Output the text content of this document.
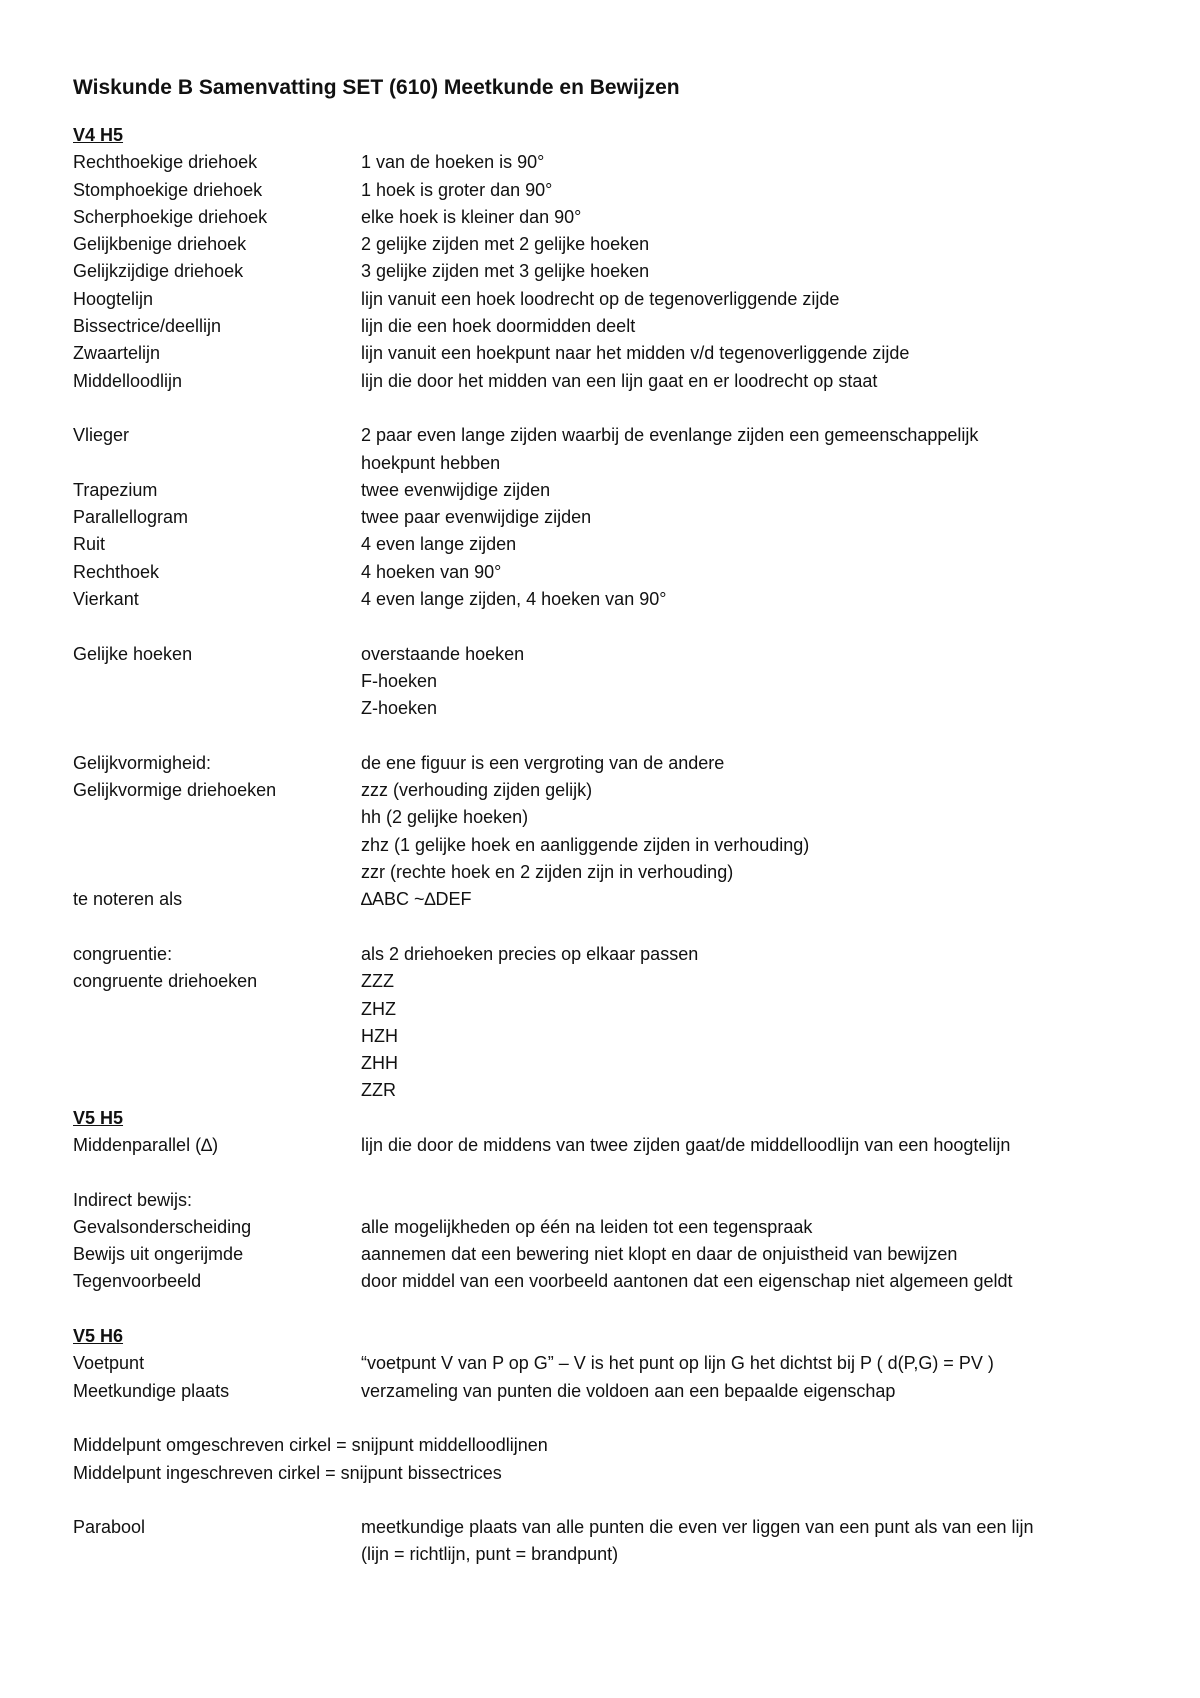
Wiskunde B Samenvatting SET (610) Meetkunde en Bewijzen
V4 H5
Rechthoekige driehoek	1 van de hoeken is 90°
Stomphoekige driehoek	1 hoek is groter dan 90°
Scherphoekige driehoek	elke hoek is kleiner dan 90°
Gelijkbenige driehoek	2 gelijke zijden met 2 gelijke hoeken
Gelijkzijdige driehoek	3 gelijke zijden met 3 gelijke hoeken
Hoogtelijn	lijn vanuit een hoek loodrecht op de tegenoverliggende zijde
Bissectrice/deellijn	lijn die een hoek doormidden deelt
Zwaartelijn	lijn vanuit een hoekpunt naar het midden v/d tegenoverliggende zijde
Middelloodlijn	lijn die door het midden van een lijn gaat en er loodrecht op staat
Vlieger	2 paar even lange zijden waarbij de evenlange zijden een gemeenschappelijk
hoekpunt hebben
Trapezium	twee evenwijdige zijden
Parallellogram	twee paar evenwijdige zijden
Ruit	4 even lange zijden
Rechthoek	4 hoeken van 90°
Vierkant	4 even lange zijden, 4 hoeken van 90°
Gelijke hoeken	overstaande hoeken
F-hoeken
Z-hoeken
Gelijkvormigheid:	de ene figuur is een vergroting van de andere
Gelijkvormige driehoeken	zzz (verhouding zijden gelijk)
hh (2 gelijke hoeken)
zhz (1 gelijke hoek en aanliggende zijden in verhouding)
zzr (rechte hoek en 2 zijden zijn in verhouding)
te noteren als	∆ABC ~∆DEF
congruentie:	als 2 driehoeken precies op elkaar passen
congruente driehoeken	ZZZ
ZHZ
HZH
ZHH
ZZR
V5 H5
Middenparallel (∆)	lijn die door de middens van twee zijden gaat/de middelloodlijn van een hoogtelijn
Indirect bewijs:
Gevalsonderscheiding	alle mogelijkheden op één na leiden tot een tegenspraak
Bewijs uit ongerijmde	aannemen dat een bewering niet klopt en daar de onjuistheid van bewijzen
Tegenvoorbeeld	door middel van een voorbeeld aantonen dat een eigenschap niet algemeen geldt
V5 H6
Voetpunt	“voetpunt V van P op G” – V is het punt op lijn G het dichtst bij P ( d(P,G) = PV )
Meetkundige plaats	verzameling van punten die voldoen aan een bepaalde eigenschap
Middelpunt omgeschreven cirkel = snijpunt middelloodlijnen
Middelpunt ingeschreven cirkel = snijpunt bissectrices
Parabool	meetkundige plaats van alle punten die even ver liggen van een punt als van een lijn
(lijn = richtlijn, punt = brandpunt)
